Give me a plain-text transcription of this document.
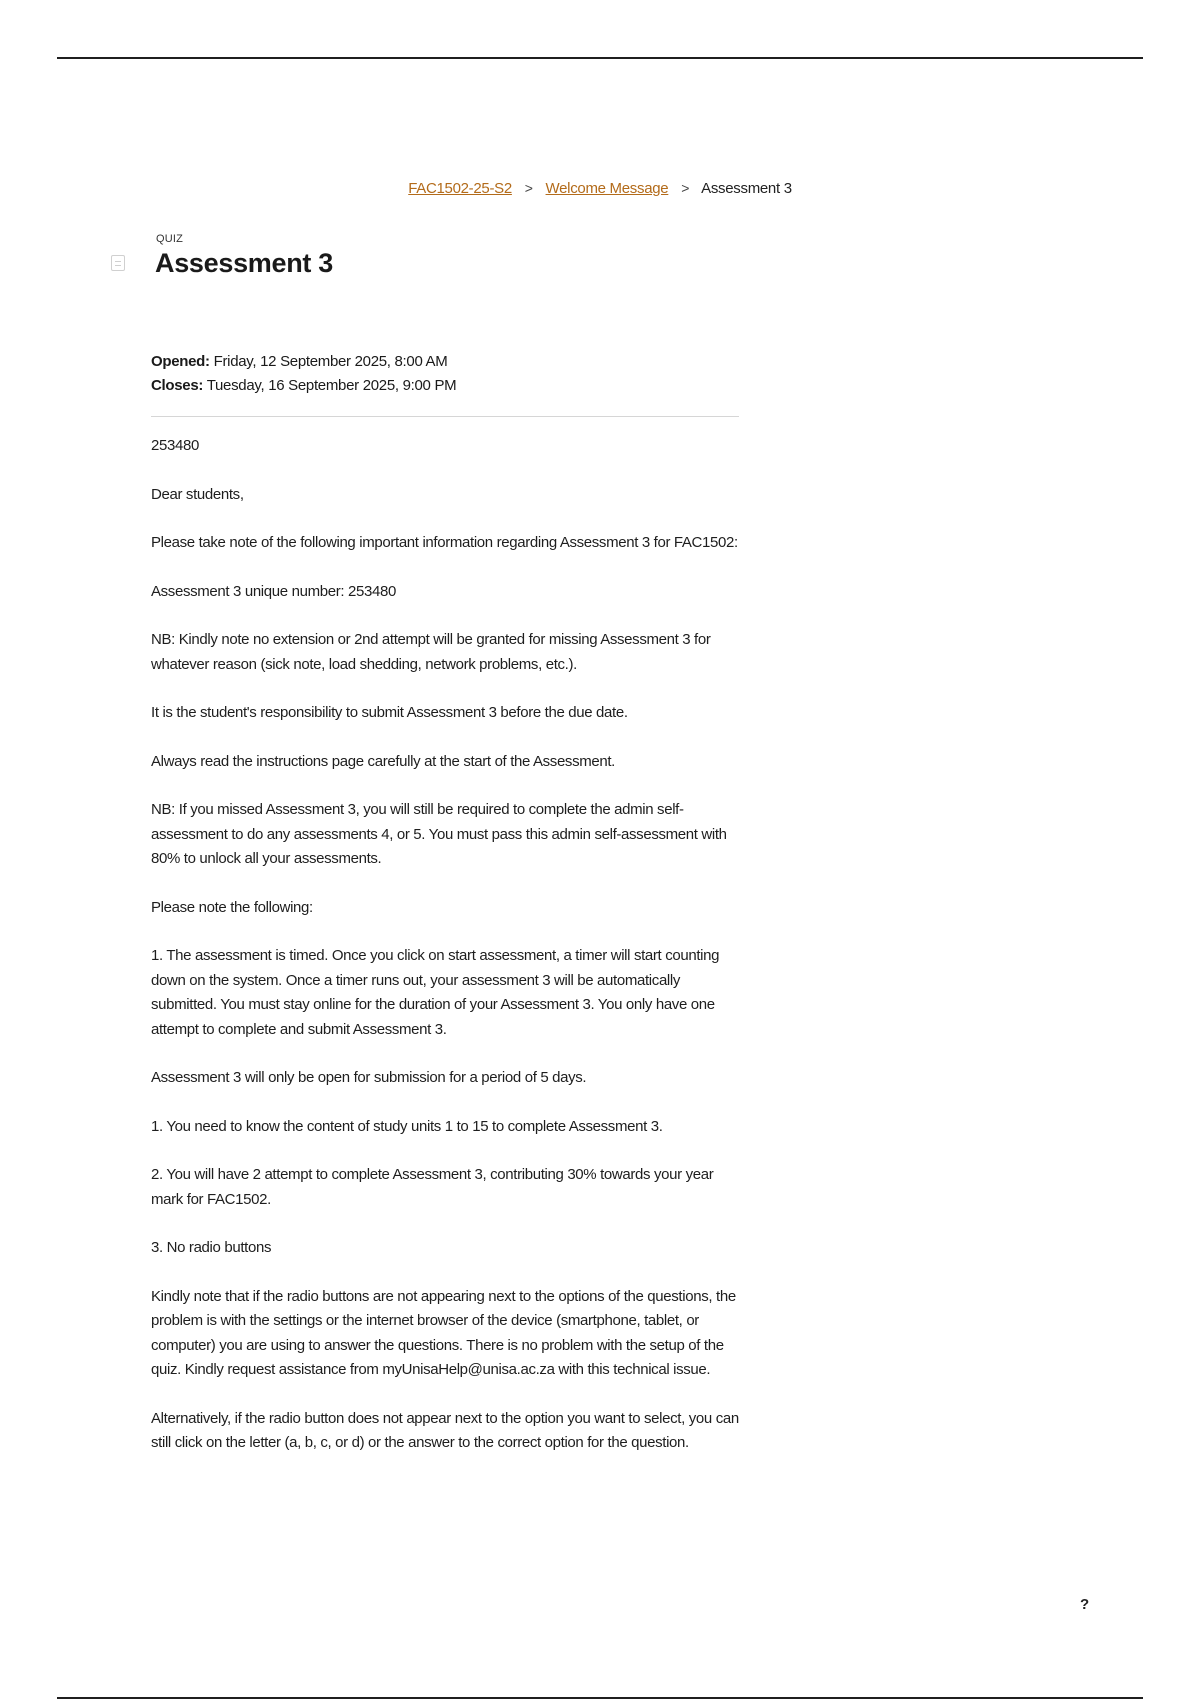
FAC1502-25-S2 > Welcome Message > Assessment 3
QUIZ
Assessment 3
Opened: Friday, 12 September 2025, 8:00 AM
Closes: Tuesday, 16 September 2025, 9:00 PM

253480

Dear students,

Please take note of the following important information regarding Assessment 3 for FAC1502:

Assessment 3 unique number: 253480

NB: Kindly note no extension or 2nd attempt will be granted for missing Assessment 3 for whatever reason (sick note, load shedding, network problems, etc.).

It is the student's responsibility to submit Assessment 3 before the due date.

Always read the instructions page carefully at the start of the Assessment.

NB: If you missed Assessment 3, you will still be required to complete the admin self-assessment to do any assessments 4, or 5. You must pass this admin self-assessment with 80% to unlock all your assessments.

Please note the following:

1. The assessment is timed. Once you click on start assessment, a timer will start counting down on the system. Once a timer runs out, your assessment 3 will be automatically submitted. You must stay online for the duration of your Assessment 3. You only have one attempt to complete and submit Assessment 3.

Assessment 3 will only be open for submission for a period of 5 days.

1. You need to know the content of study units 1 to 15 to complete Assessment 3.

2. You will have 2 attempt to complete Assessment 3, contributing 30% towards your year mark for FAC1502.

3. No radio buttons

Kindly note that if the radio buttons are not appearing next to the options of the questions, the problem is with the settings or the internet browser of the device (smartphone, tablet, or computer) you are using to answer the questions. There is no problem with the setup of the quiz. Kindly request assistance from myUnisaHelp@unisa.ac.za with this technical issue.

Alternatively, if the radio button does not appear next to the option you want to select, you can still click on the letter (a, b, c, or d) or the answer to the correct option for the question.

?
